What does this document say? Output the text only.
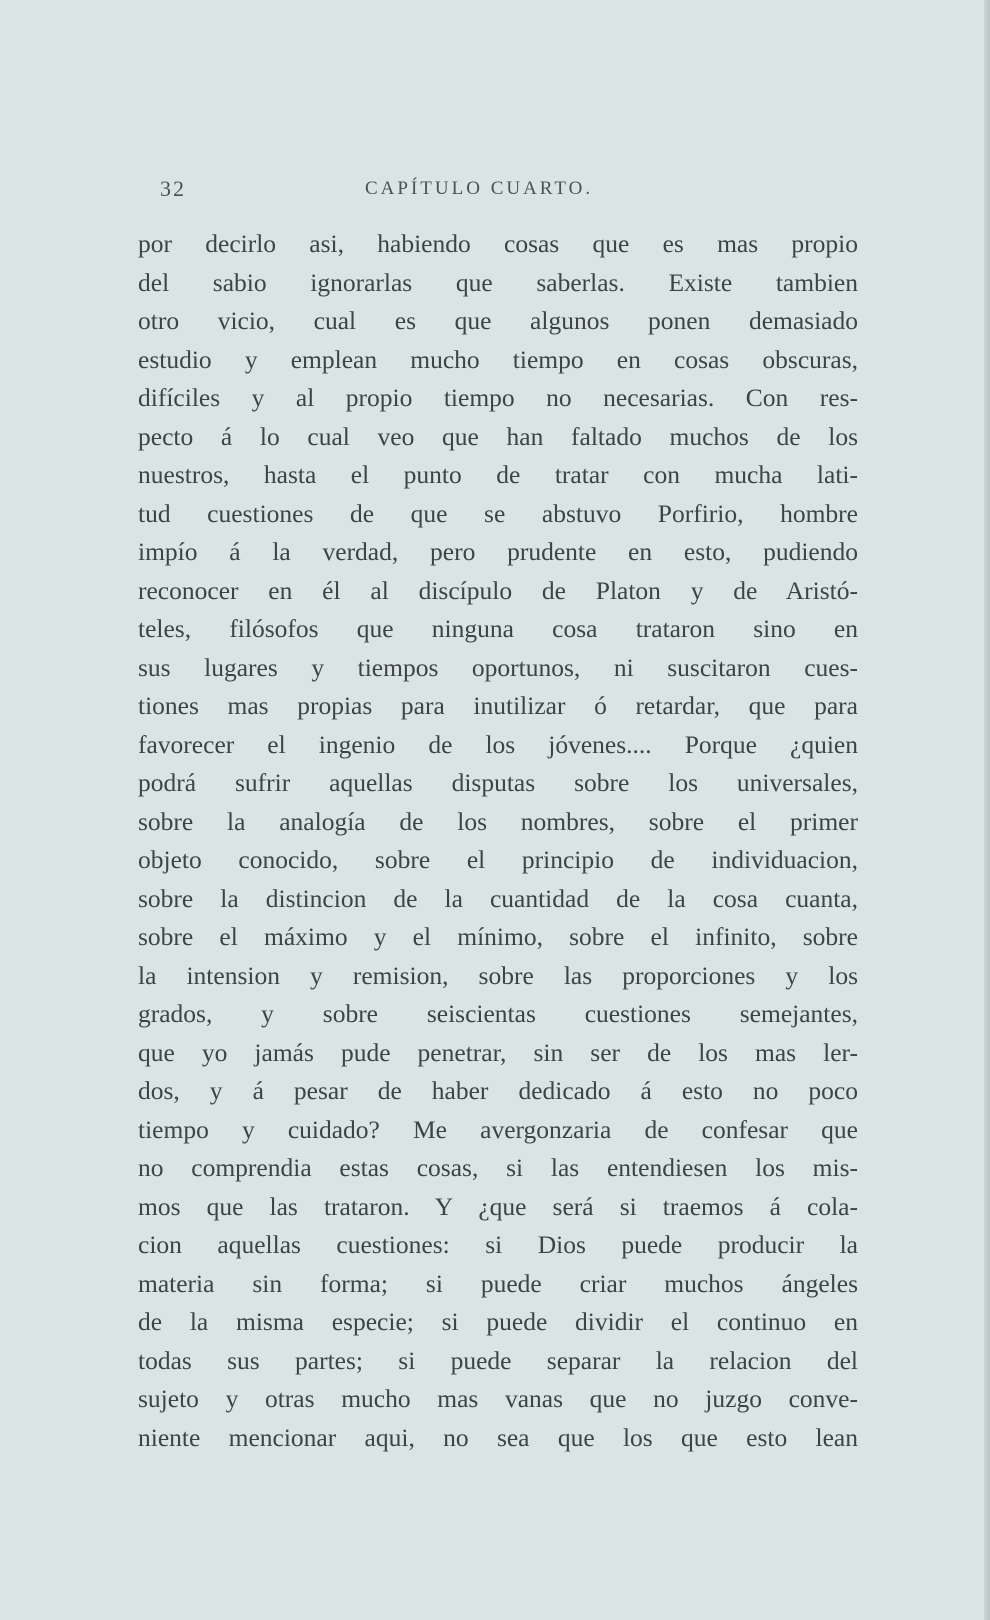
32	CAPÍTULO CUARTO.
por decirlo asi, habiendo cosas que es mas propio
del sabio ignorarlas que saberlas. Existe tambien
otro vicio, cual es que algunos ponen demasiado
estudio y emplean mucho tiempo en cosas obscuras,
difíciles y al propio tiempo no necesarias. Con res-
pecto á lo cual veo que han faltado muchos de los
nuestros, hasta el punto de tratar con mucha lati-
tud cuestiones de que se abstuvo Porfirio, hombre
impío á la verdad, pero prudente en esto, pudiendo
reconocer en él al discípulo de Platon y de Aristó-
teles, filósofos que ninguna cosa trataron sino en
sus lugares y tiempos oportunos, ni suscitaron cues-
tiones mas propias para inutilizar ó retardar, que para
favorecer el ingenio de los jóvenes.... Porque ¿quien
podrá sufrir aquellas disputas sobre los universales,
sobre la analogía de los nombres, sobre el primer
objeto conocido, sobre el principio de individuacion,
sobre la distincion de la cuantidad de la cosa cuanta,
sobre el máximo y el mínimo, sobre el infinito, sobre
la intension y remision, sobre las proporciones y los
grados, y sobre seiscientas cuestiones semejantes,
que yo jamás pude penetrar, sin ser de los mas ler-
dos, y á pesar de haber dedicado á esto no poco
tiempo y cuidado? Me avergonzaria de confesar que
no comprendia estas cosas, si las entendiesen los mis-
mos que las trataron. Y ¿que será si traemos á cola-
cion aquellas cuestiones: si Dios puede producir la
materia sin forma; si puede criar muchos ángeles
de la misma especie; si puede dividir el continuo en
todas sus partes; si puede separar la relacion del
sujeto y otras mucho mas vanas que no juzgo conve-
niente mencionar aqui, no sea que los que esto lean
